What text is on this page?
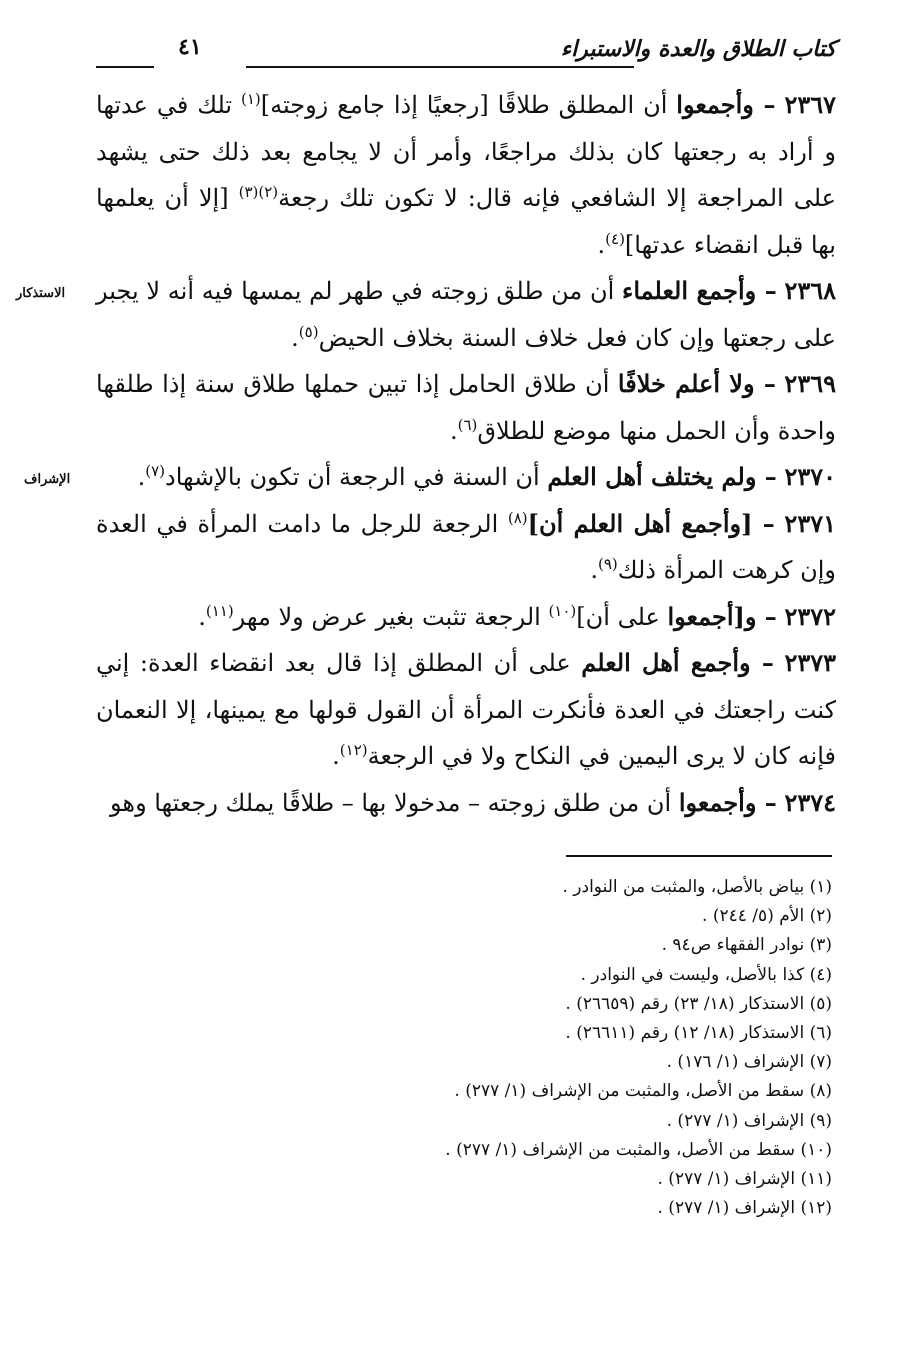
كتاب الطلاق والعدة والاستبراء
٤١
الاستذكار
الإشراف

٢٣٦٧ – وأجمعوا أن المطلق طلاقًا [رجعيًا إذا جامع زوجته]$^{(١)}$ تلك في عدتها و أراد به رجعتها كان بذلك مراجعًا، وأمر أن لا يجامع بعد ذلك حتى يشهد على المراجعة إلا الشافعي فإنه قال: لا تكون تلك رجعة$^{(٢)(٣)}$ [إلا أن يعلمها بها قبل انقضاء عدتها]$^{(٤)}$.

٢٣٦٨ – وأجمع العلماء أن من طلق زوجته في طهر لم يمسها فيه أنه لا يجبر على رجعتها وإن كان فعل خلاف السنة بخلاف الحيض$^{(٥)}$.

٢٣٦٩ – ولا أعلم خلافًا أن طلاق الحامل إذا تبين حملها طلاق سنة إذا طلقها واحدة وأن الحمل منها موضع للطلاق$^{(٦)}$.

٢٣٧٠ – ولم يختلف أهل العلم أن السنة في الرجعة أن تكون بالإشهاد$^{(٧)}$.

٢٣٧١ – [وأجمع أهل العلم أن]$^{(٨)}$ الرجعة للرجل ما دامت المرأة في العدة وإن كرهت المرأة ذلك$^{(٩)}$.

٢٣٧٢ – و[أجمعوا على أن]$^{(١٠)}$ الرجعة تثبت بغير عرض ولا مهر$^{(١١)}$.

٢٣٧٣ – وأجمع أهل العلم على أن المطلق إذا قال بعد انقضاء العدة: إني كنت راجعتك في العدة فأنكرت المرأة أن القول قولها مع يمينها، إلا النعمان فإنه كان لا يرى اليمين في النكاح ولا في الرجعة$^{(١٢)}$.

٢٣٧٤ – وأجمعوا أن من طلق زوجته – مدخولا بها – طلاقًا يملك رجعتها وهو

(١) بياض بالأصل، والمثبت من النوادر .
(٢) الأم (٥/ ٢٤٤) .
(٣) نوادر الفقهاء ص٩٤ .
(٤) كذا بالأصل، وليست في النوادر .
(٥) الاستذكار (١٨/ ٢٣) رقم (٢٦٦٥٩) .
(٦) الاستذكار (١٨/ ١٢) رقم (٢٦٦١١) .
(٧) الإشراف (١/ ١٧٦) .
(٨) سقط من الأصل، والمثبت من الإشراف (١/ ٢٧٧) .
(٩) الإشراف (١/ ٢٧٧) .
(١٠) سقط من الأصل، والمثبت من الإشراف (١/ ٢٧٧) .
(١١) الإشراف (١/ ٢٧٧) .
(١٢) الإشراف (١/ ٢٧٧) .
